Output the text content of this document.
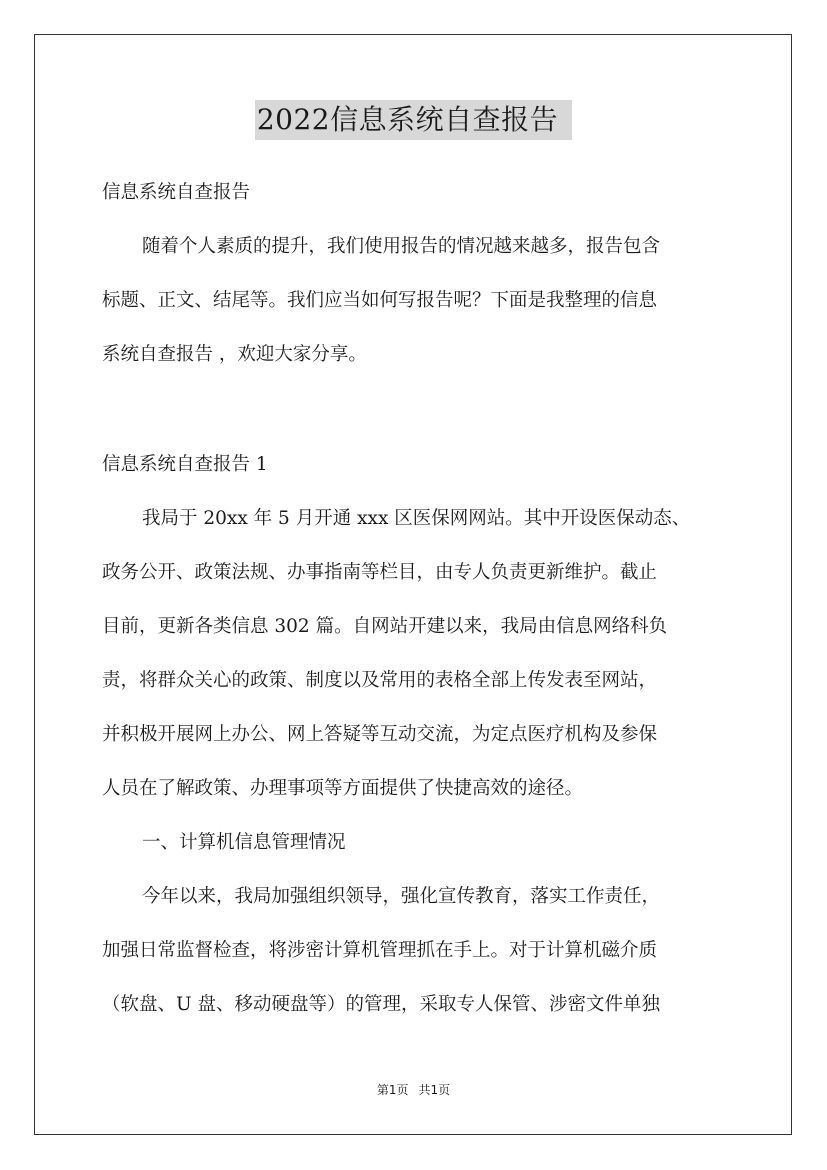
2022信息系统自查报告
信息系统自查报告
随着个人素质的提升，我们使用报告的情况越来越多，报告包含
标题、正文、结尾等。我们应当如何写报告呢？下面是我整理的信息
系统自查报告 ，欢迎大家分享。
信息系统自查报告 1
我局于 20xx 年 5 月开通 xxx 区医保网网站。其中开设医保动态、
政务公开、政策法规、办事指南等栏目，由专人负责更新维护。截止
目前，更新各类信息 302 篇。自网站开建以来，我局由信息网络科负
责，将群众关心的政策、制度以及常用的表格全部上传发表至网站，
并积极开展网上办公、网上答疑等互动交流，为定点医疗机构及参保
人员在了解政策、办理事项等方面提供了快捷高效的途径。
一、计算机信息管理情况
今年以来，我局加强组织领导，强化宣传教育，落实工作责任，
加强日常监督检查，将涉密计算机管理抓在手上。对于计算机磁介质
（软盘、U 盘、移动硬盘等）的管理，采取专人保管、涉密文件单独
第1页 共1页
